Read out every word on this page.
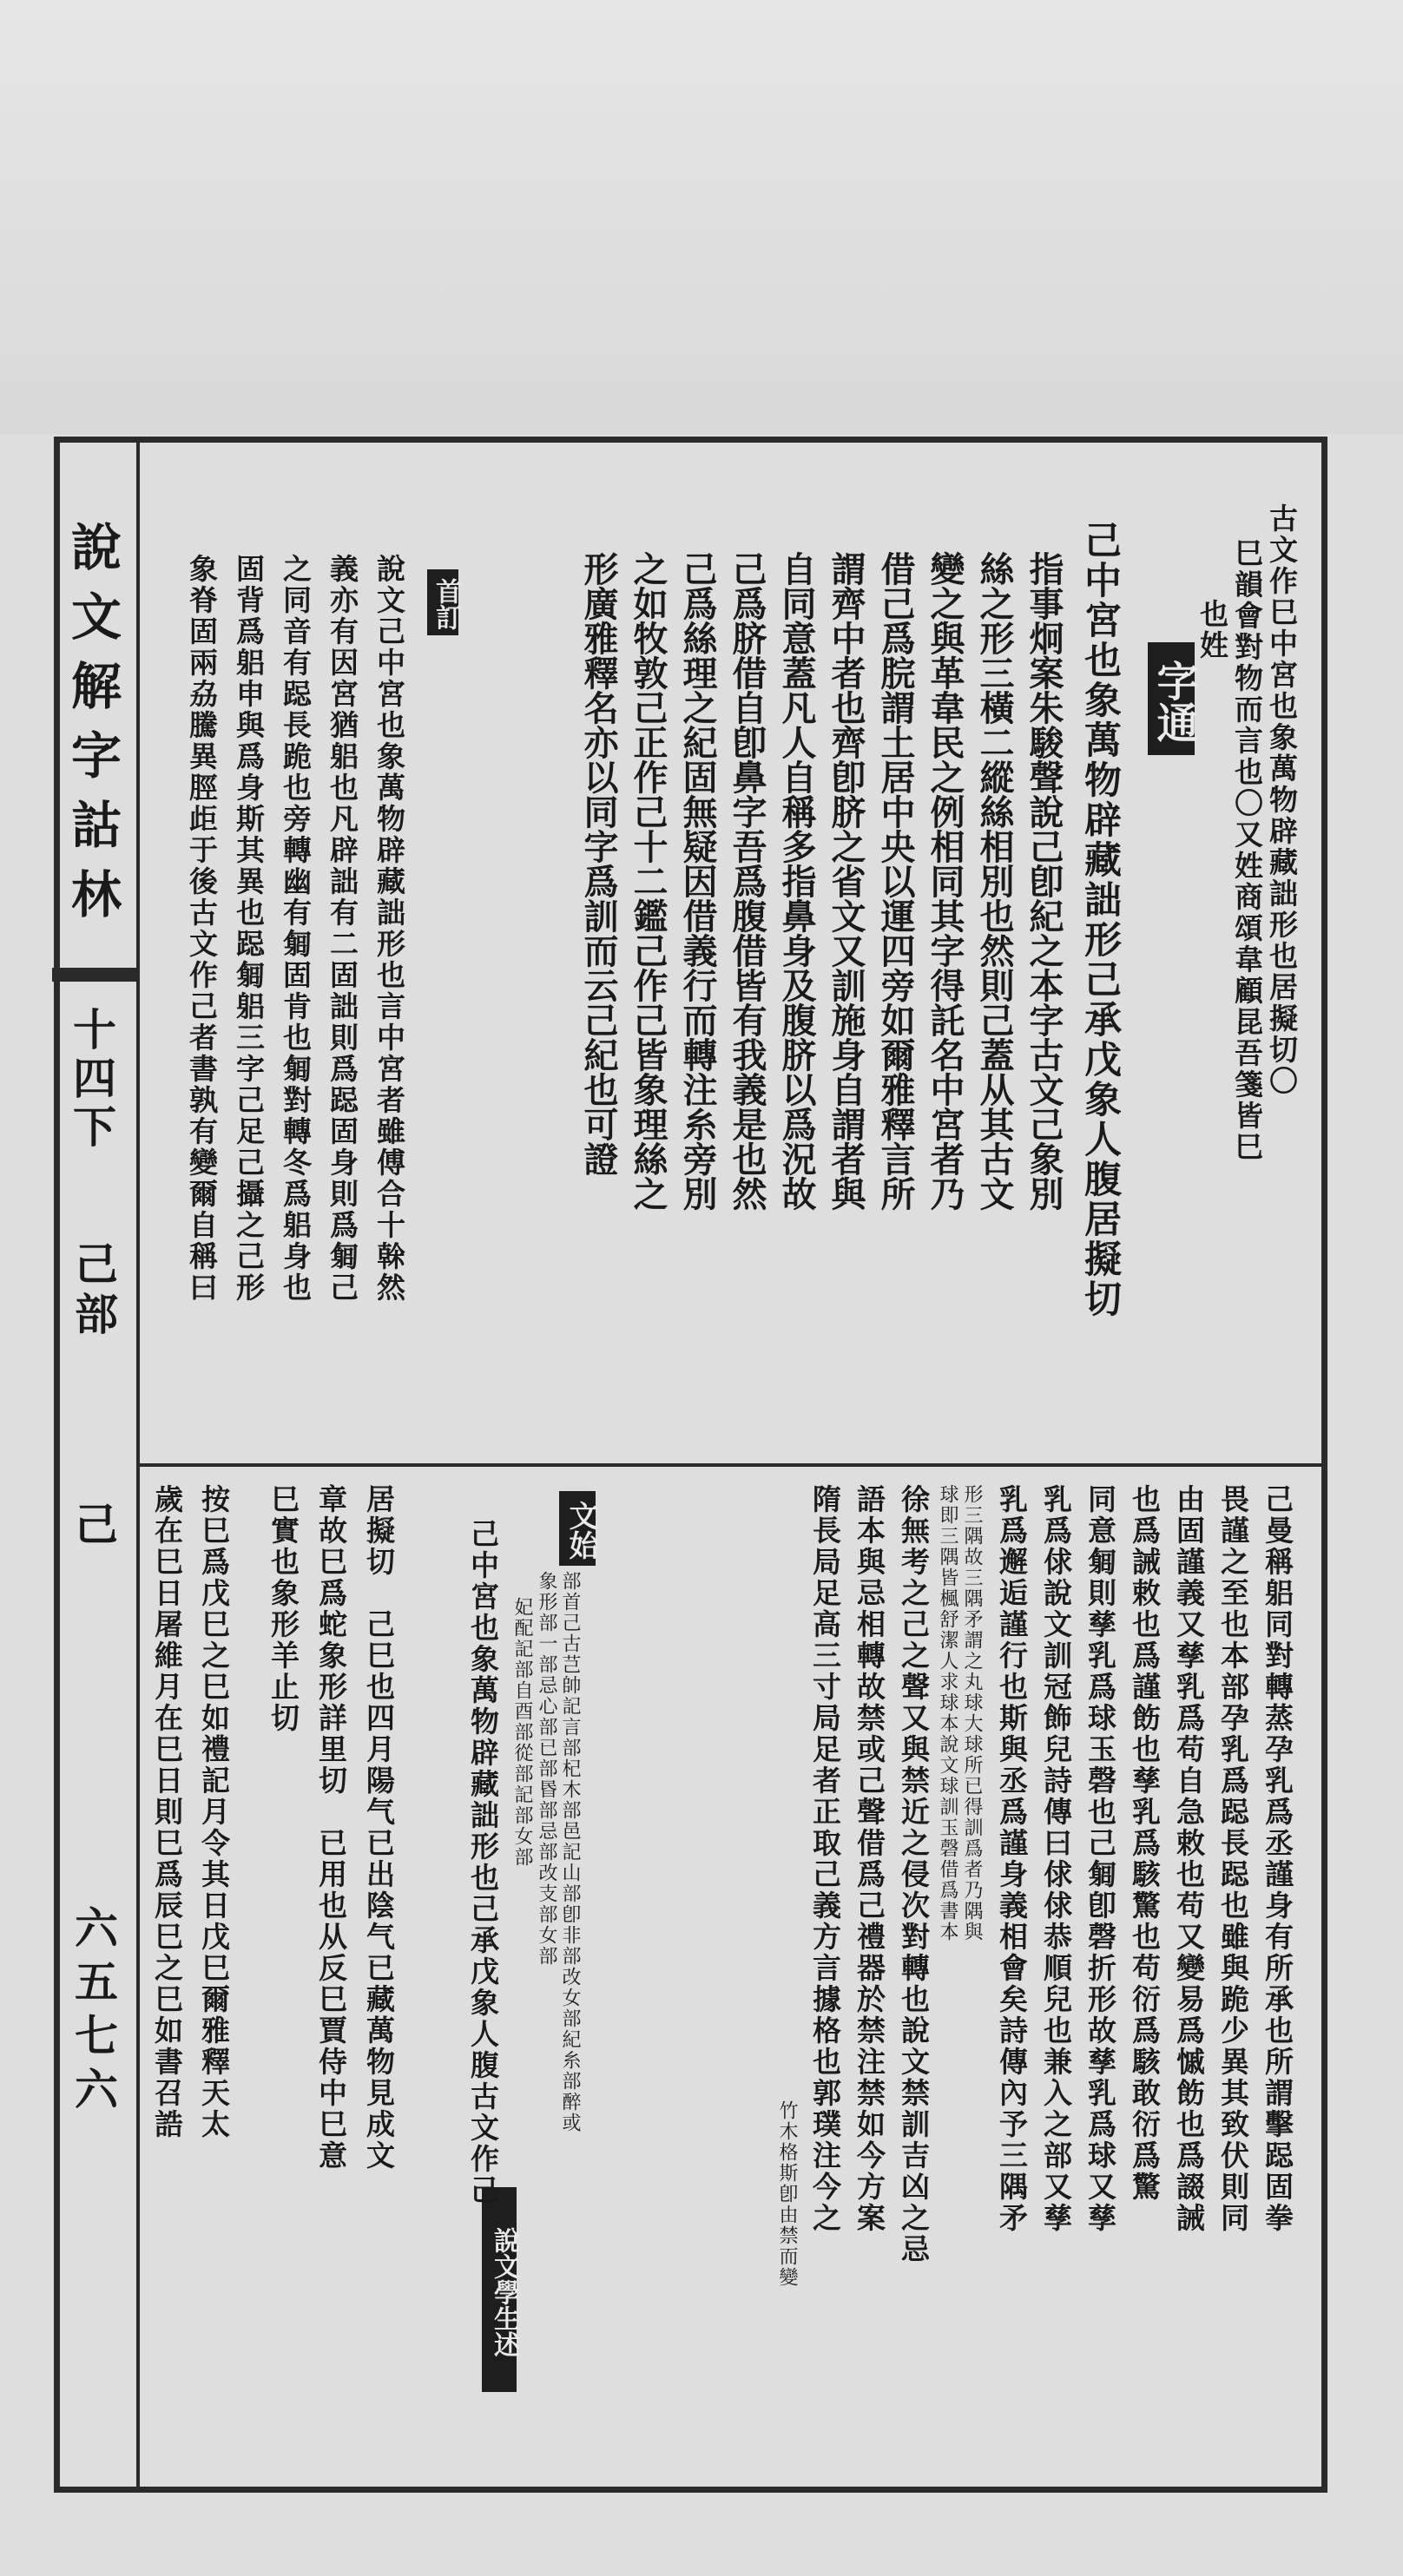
說文解字詁林
十四下
己部
己
六五七六
古文作巳中宮也象萬物辟藏詘形也居擬切〇
巳韻會對物而言也〇又姓商頌韋顧昆吾箋皆巳
也姓
字通
己中宮也象萬物辟藏詘形己承戊象人腹居擬切
指事炯案朱駿聲說己卽紀之本字古文己象別
絲之形三橫二縱絲相別也然則己蓋从其古文
變之與革韋民之例相同其字得託名中宮者乃
借己爲脘謂土居中央以運四旁如爾雅釋言所
謂齊中者也齊卽脐之省文又訓施身自謂者與
自同意蓋凡人自稱多指鼻身及腹脐以爲況故
己爲脐借自卽鼻字吾爲腹借皆有我義是也然
己爲絲理之紀固無疑因借義行而轉注糸旁別
之如牧敦己正作己十二鑑己作己皆象理絲之
形廣雅釋名亦以同字爲訓而云己紀也可證
首訂
說文己中宮也象萬物辟藏詘形也言中宮者雖傅合十榦然
義亦有因宮猶躳也凡辟詘有二固詘則爲跽固身則爲匔己
之同音有跽長跪也旁轉幽有匔固肯也匔對轉冬爲躳身也
固背爲躳申與爲身斯其異也跽匔躳三字己足己攝之己形
象脊固兩劦騰異脛歫于後古文作己者書孰有變爾自稱曰
己曼稱躳同對轉蒸孕乳爲丞謹身有所承也所謂擊跽固拳
畏謹之至也本部孕乳爲跽長跽也雖與跪少異其致伏則同
由固謹義又孳乳爲苟自急敕也苟又變易爲慽飭也爲諁誡
也爲誡敕也爲謹飭也孳乳爲駭驚也苟衍爲駭敢衍爲驚
同意匔則孳乳爲球玉磬也己匔卽磬折形故孳乳爲球又孳
乳爲俅說文訓冠飾兒詩傳曰俅俅恭順兒也兼入之部又孳
乳爲邂逅謹行也斯與丞爲謹身義相會矣詩傳內予三隅矛
形三隅故三隅矛謂之丸球大球所已得訓爲者乃隅與
球即三隅皆楓舒潔人求球本說文球訓玉磬借爲書本
徐無考之己之聲又與禁近之侵次對轉也說文禁訓吉凶之忌
語本與忌相轉故禁或己聲借爲己禮器於禁注禁如今方案
隋長局足高三寸局足者正取己義方言據格也郭璞注今之
竹木格斯卽由禁而變
文始
部首己古芑帥記言部杞木部邑記山部卽非部改女部紀糸部醉或
象形部一部忌心部已部昬部忌部改支部女部
妃配記部自酉部從部記部女部
說文學生述
己中宮也象萬物辟藏詘形也己承戊象人腹古文作己
居擬切　己巳也四月陽气已出陰气已藏萬物見成文
章故巳爲蛇象形詳里切　已用也从反巳賈侍中巳意
巳實也象形羊止切
按巳爲戊巳之巳如禮記月令其日戊巳爾雅釋天太
歲在巳日屠維月在巳日則巳爲辰巳之巳如書召誥
